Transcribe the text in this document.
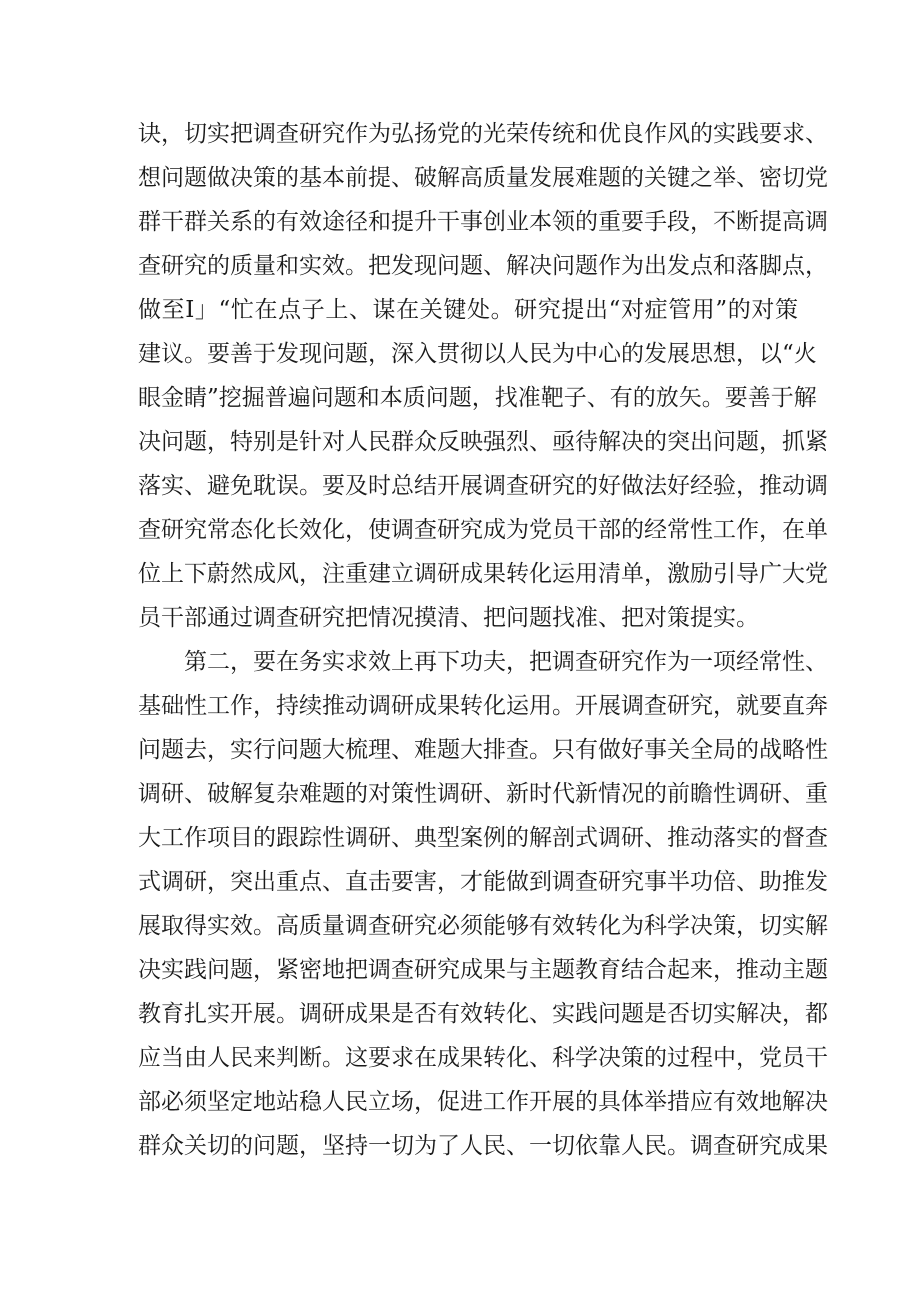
诀，切实把调查研究作为弘扬党的光荣传统和优良作风的实践要求、
想问题做决策的基本前提、破解高质量发展难题的关键之举、密切党
群干群关系的有效途径和提升干事创业本领的重要手段，不断提高调
查研究的质量和实效。把发现问题、解决问题作为出发点和落脚点，
做至I」“忙在点子上、谋在关键处。研究提出“对症管用”的对策
建议。要善于发现问题，深入贯彻以人民为中心的发展思想，以“火
眼金睛”挖掘普遍问题和本质问题，找准靶子、有的放矢。要善于解
决问题，特别是针对人民群众反映强烈、亟待解决的突出问题，抓紧
落实、避免耽误。要及时总结开展调查研究的好做法好经验，推动调
查研究常态化长效化，使调查研究成为党员干部的经常性工作，在单
位上下蔚然成风，注重建立调研成果转化运用清单，激励引导广大党
员干部通过调查研究把情况摸清、把问题找准、把对策提实。
第二，要在务实求效上再下功夫，把调查研究作为一项经常性、
基础性工作，持续推动调研成果转化运用。开展调查研究，就要直奔
问题去，实行问题大梳理、难题大排查。只有做好事关全局的战略性
调研、破解复杂难题的对策性调研、新时代新情况的前瞻性调研、重
大工作项目的跟踪性调研、典型案例的解剖式调研、推动落实的督查
式调研，突出重点、直击要害，才能做到调查研究事半功倍、助推发
展取得实效。高质量调查研究必须能够有效转化为科学决策，切实解
决实践问题，紧密地把调查研究成果与主题教育结合起来，推动主题
教育扎实开展。调研成果是否有效转化、实践问题是否切实解决，都
应当由人民来判断。这要求在成果转化、科学决策的过程中，党员干
部必须坚定地站稳人民立场，促进工作开展的具体举措应有效地解决
群众关切的问题，坚持一切为了人民、一切依靠人民。调查研究成果
